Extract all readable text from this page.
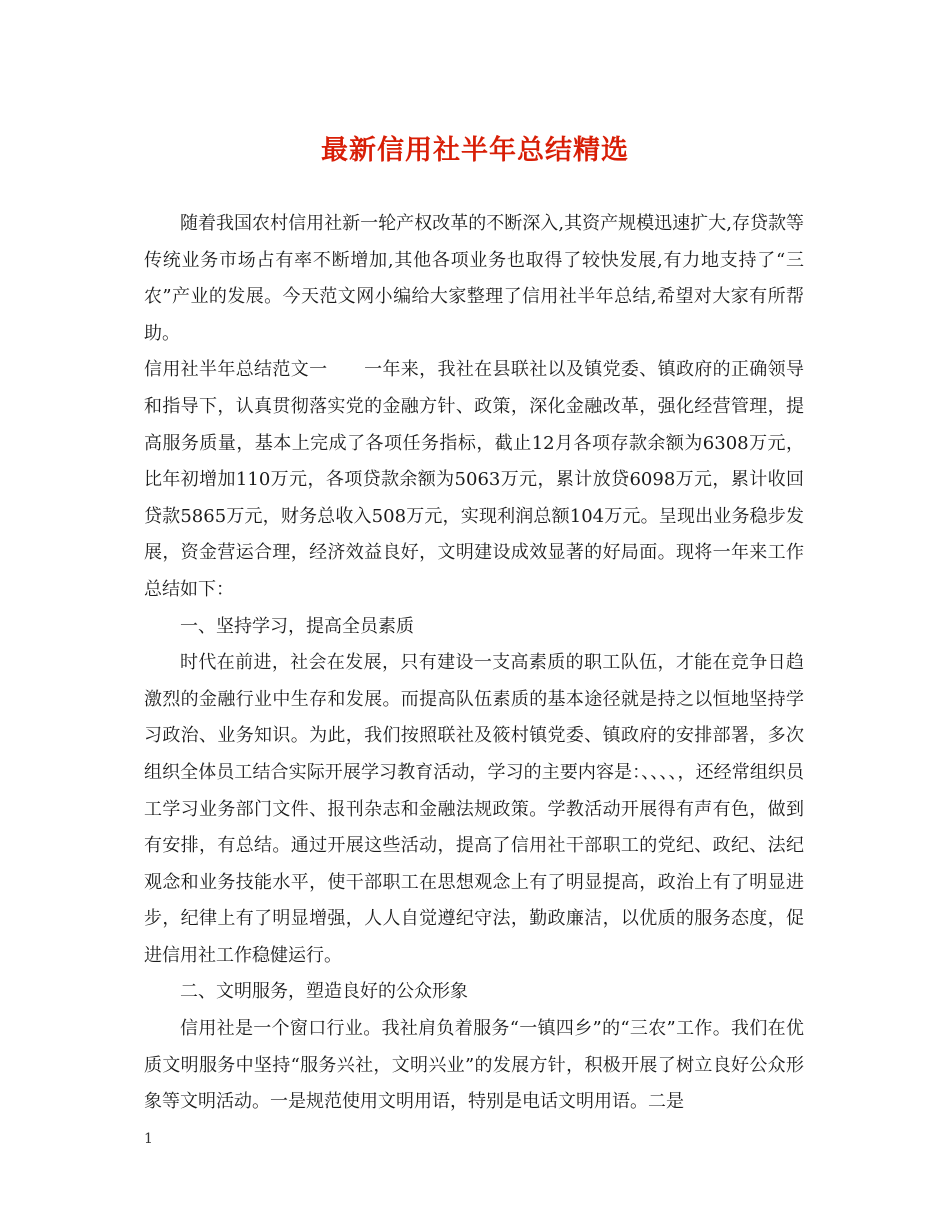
最新信用社半年总结精选

随着我国农村信用社新一轮产权改革的不断深入,其资产规模迅速扩大,存贷款等传统业务市场占有率不断增加,其他各项业务也取得了较快发展,有力地支持了“三农”产业的发展。今天范文网小编给大家整理了信用社半年总结,希望对大家有所帮助。

信用社半年总结范文一　　一年来，我社在县联社以及镇党委、镇政府的正确领导和指导下，认真贯彻落实党的金融方针、政策，深化金融改革，强化经营管理，提高服务质量，基本上完成了各项任务指标，截止12月各项存款余额为6308万元，比年初增加110万元，各项贷款余额为5063万元，累计放贷6098万元，累计收回贷款5865万元，财务总收入508万元，实现利润总额104万元。呈现出业务稳步发展，资金营运合理，经济效益良好，文明建设成效显著的好局面。现将一年来工作总结如下：

一、坚持学习，提高全员素质

时代在前进，社会在发展，只有建设一支高素质的职工队伍，才能在竞争日趋激烈的金融行业中生存和发展。而提高队伍素质的基本途径就是持之以恒地坚持学习政治、业务知识。为此，我们按照联社及筱村镇党委、镇政府的安排部署，多次组织全体员工结合实际开展学习教育活动，学习的主要内容是：、、、、，还经常组织员工学习业务部门文件、报刊杂志和金融法规政策。学教活动开展得有声有色，做到有安排，有总结。通过开展这些活动，提高了信用社干部职工的党纪、政纪、法纪观念和业务技能水平，使干部职工在思想观念上有了明显提高，政治上有了明显进步，纪律上有了明显增强，人人自觉遵纪守法，勤政廉洁，以优质的服务态度，促进信用社工作稳健运行。

二、文明服务，塑造良好的公众形象

信用社是一个窗口行业。我社肩负着服务“一镇四乡”的“三农”工作。我们在优质文明服务中坚持“服务兴社，文明兴业”的发展方针，积极开展了树立良好公众形象等文明活动。一是规范使用文明用语，特别是电话文明用语。二是

1
